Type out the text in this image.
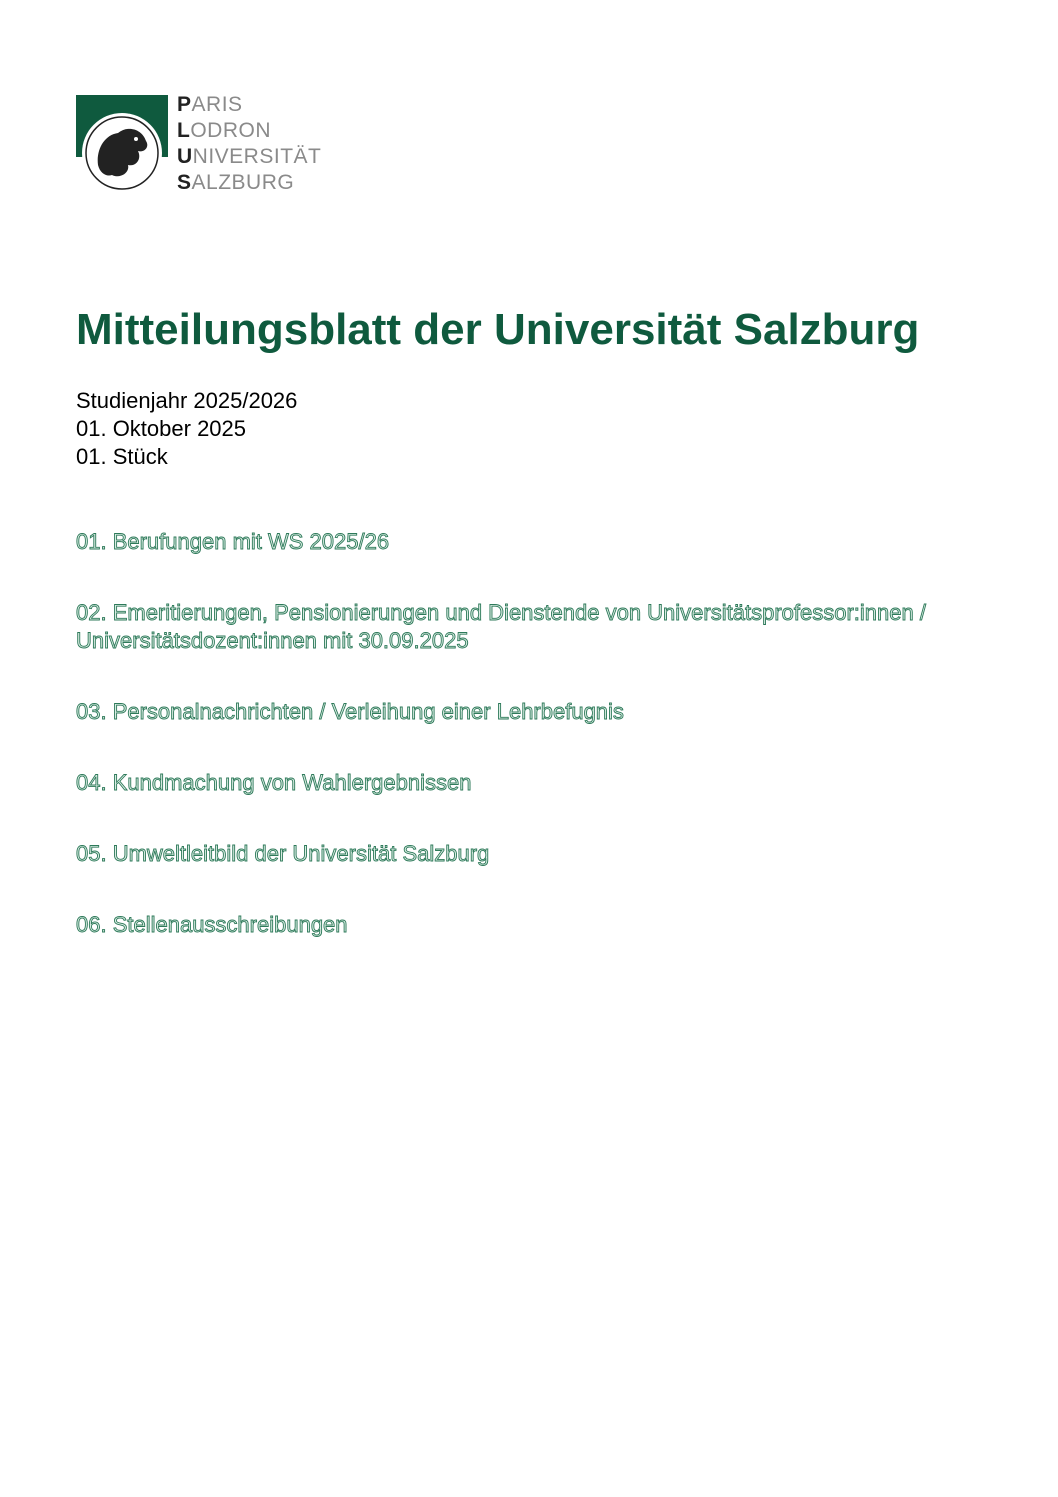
PARIS
LODRON
UNIVERSITÄT
SALZBURG
Mitteilungsblatt der Universität Salzburg
Studienjahr 2025/2026
01. Oktober 2025
01. Stück
01. Berufungen mit WS 2025/26
02. Emeritierungen, Pensionierungen und Dienstende von Universitätsprofessor:innen / Universitätsdozent:innen mit 30.09.2025
03. Personalnachrichten / Verleihung einer Lehrbefugnis
04. Kundmachung von Wahlergebnissen
05. Umweltleitbild der Universität Salzburg
06. Stellenausschreibungen
